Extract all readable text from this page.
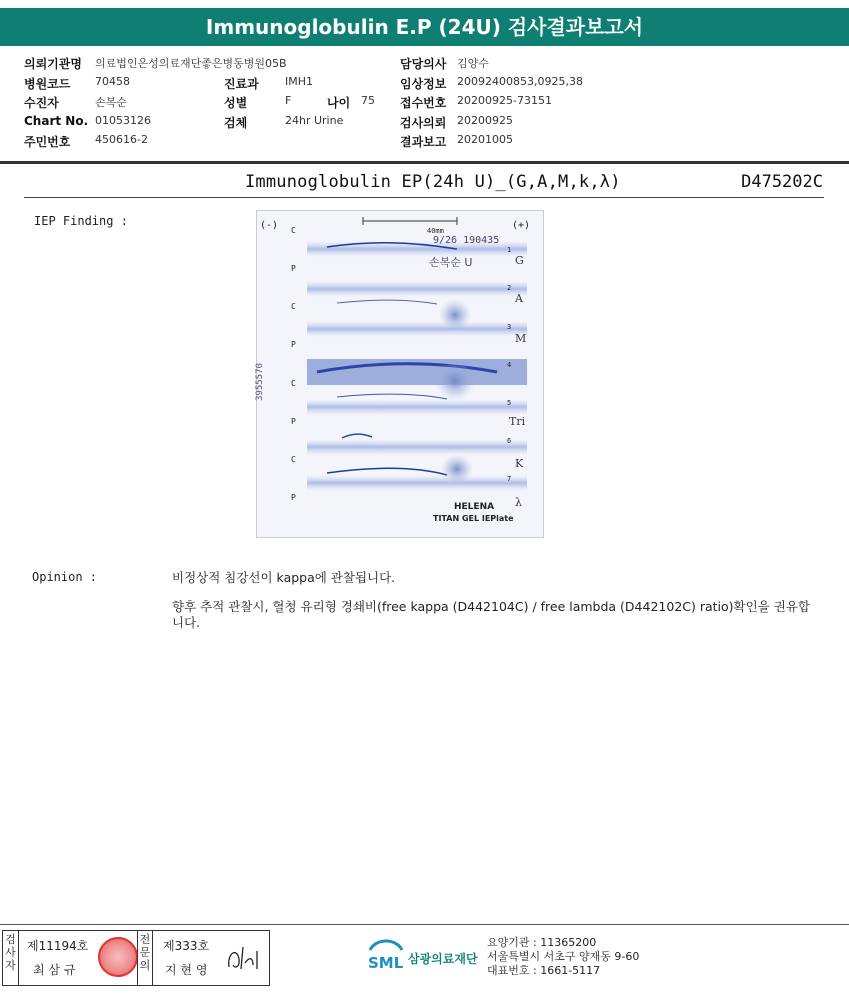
Immunoglobulin E.P (24U) 검사결과보고서
의뢰기관명 의료법인은성의료재단좋은병동병원05B	담당의사 김양수
병원코드 70458	진료과 IMH1	임상정보 20092400853,0925,38
수진자	손복순	성별	F	나이 75 접수번호 20200925-73151
Chart No. 01053126	검체	24hr Urine	검사의뢰 20200925
주민번호 450616-2	결과보고 20201005
Immunoglobulin EP(24h U)_(G,A,M,k,λ)	D475202C
IEP Finding :	(-)	(+)
40mm
9/26 190435
손복순 U
3955570
C
P
C
P
C
P
C
P
1
2
3
4
5
6
7
G
A
M
Tri
K
λ
HELENA
TITAN GEL IEPlate
Opinion :	비정상적 침강선이 kappa에 관찰됩니다.
향후 추적 관찰시, 혈청 유리형 경쇄비(free kappa (D442104C) / free lambda (D442102C) ratio)확인을 권유합니다.
검사자
제11194호
최 삼 규
전문의
제333호
지 현 영	SML 삼광의료재단
요양기관 : 11365200
서울특별시 서초구 양재동 9-60
대표번호 : 1661-5117
